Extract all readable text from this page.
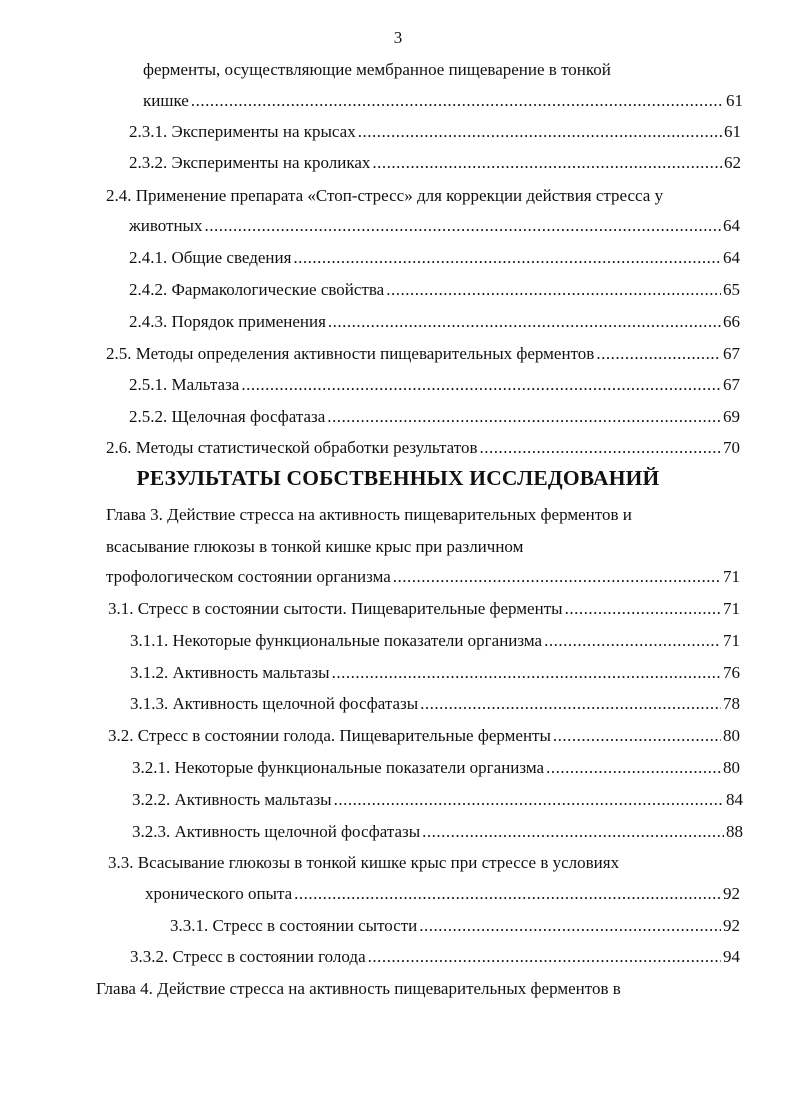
3
ферменты, осуществляющие мембранное пищеварение в тонкой
кишке .....	61
2.3.1. Эксперименты на крысах .....	61
2.3.2. Эксперименты на кроликах .....	62
2.4. Применение препарата «Стоп-стресс» для коррекции действия стресса у
животных .....	64
2.4.1. Общие сведения .....	64
2.4.2. Фармакологические свойства .....	65
2.4.3. Порядок применения .....	66
2.5. Методы определения активности пищеварительных ферментов .....	67
2.5.1. Мальтаза .....	67
2.5.2. Щелочная фосфатаза .....	69
2.6. Методы статистической обработки результатов .....	70
РЕЗУЛЬТАТЫ СОБСТВЕННЫХ ИССЛЕДОВАНИЙ
Глава 3. Действие стресса на активность пищеварительных ферментов и
всасывание глюкозы в тонкой кишке крыс при различном
трофологическом состоянии организма .....	71
3.1. Стресс в состоянии сытости. Пищеварительные ферменты .....	71
3.1.1. Некоторые функциональные показатели организма .....	71
3.1.2. Активность мальтазы .....	76
3.1.3. Активность щелочной фосфатазы .....	78
3.2. Стресс в состоянии голода. Пищеварительные ферменты .....	80
3.2.1. Некоторые функциональные показатели организма .....	80
3.2.2. Активность мальтазы .....	84
3.2.3. Активность щелочной фосфатазы .....	88
3.3. Всасывание глюкозы в тонкой кишке крыс при стрессе в условиях
хронического опыта .....	92
3.3.1. Стресс в состоянии сытости .....	92
3.3.2. Стресс в состоянии голода .....	94
Глава 4. Действие стресса на активность пищеварительных ферментов в
